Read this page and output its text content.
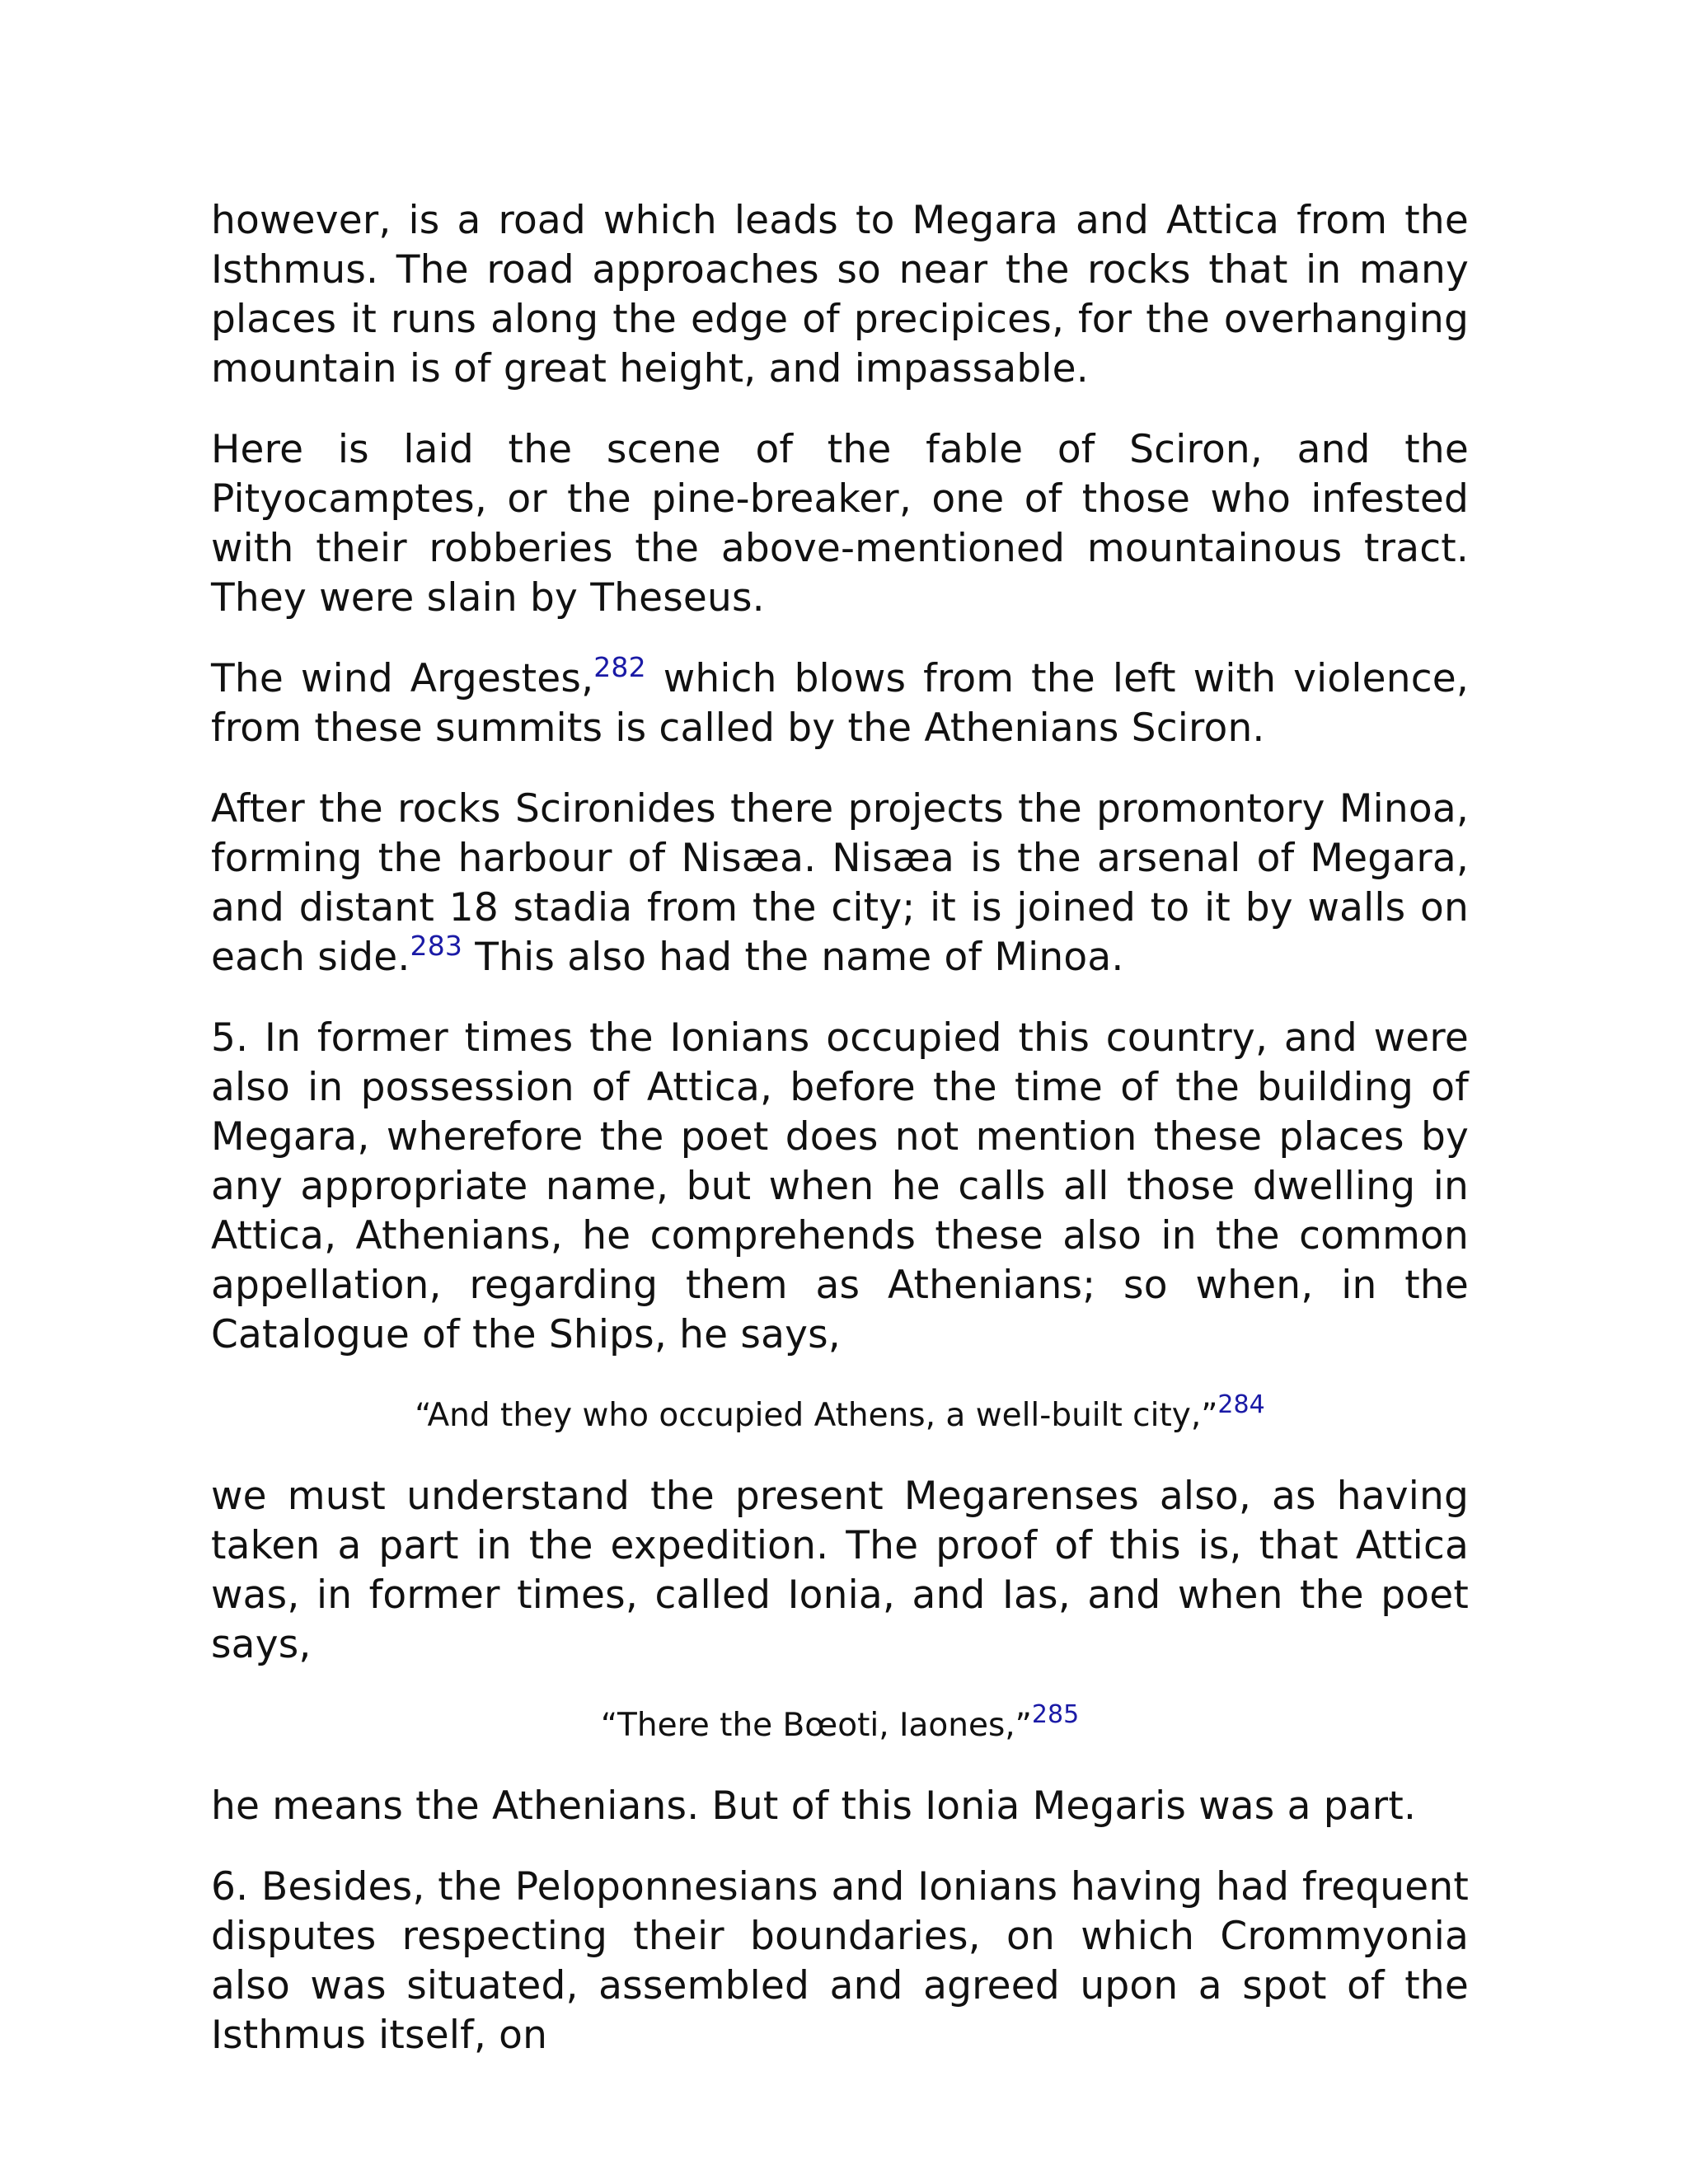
however, is a road which leads to Megara and Attica from the Isthmus. The road approaches so near the rocks that in many places it runs along the edge of precipices, for the overhanging mountain is of great height, and impassable.

Here is laid the scene of the fable of Sciron, and the Pityocamptes, or the pine-breaker, one of those who infested with their robberies the above-mentioned mountainous tract. They were slain by Theseus.

The wind Argestes,$^{282}$ which blows from the left with violence, from these summits is called by the Athenians Sciron.

After the rocks Scironides there projects the promontory Minoa, forming the harbour of Nisæa. Nisæa is the arsenal of Megara, and distant 18 stadia from the city; it is joined to it by walls on each side.$^{283}$ This also had the name of Minoa.

5. In former times the Ionians occupied this country, and were also in possession of Attica, before the time of the building of Megara, wherefore the poet does not mention these places by any appropriate name, but when he calls all those dwelling in Attica, Athenians, he comprehends these also in the common appellation, regarding them as Athenians; so when, in the Catalogue of the Ships, he says,

“And they who occupied Athens, a well-built city,”$^{284}$

we must understand the present Megarenses also, as having taken a part in the expedition. The proof of this is, that Attica was, in former times, called Ionia, and Ias, and when the poet says,

“There the Bœoti, Iaones,”$^{285}$

he means the Athenians. But of this Ionia Megaris was a part.

6. Besides, the Peloponnesians and Ionians having had frequent disputes respecting their boundaries, on which Crommyonia also was situated, assembled and agreed upon a spot of the Isthmus itself, on
